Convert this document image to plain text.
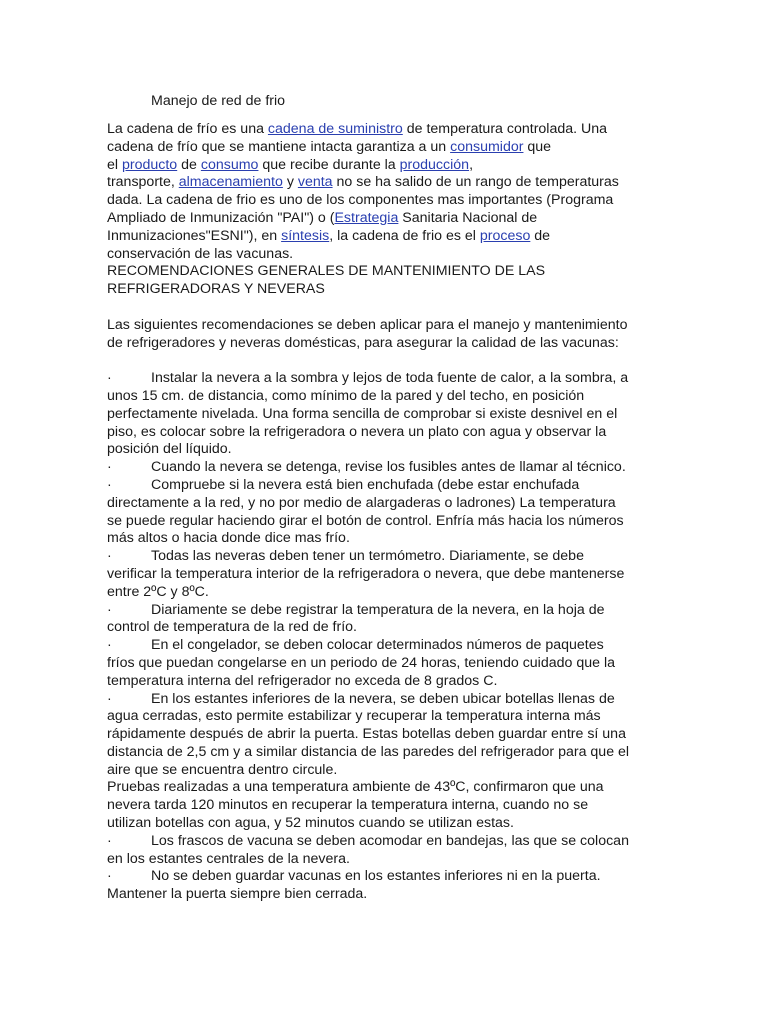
Manejo de red de frio
La cadena de frío es una cadena de suministro de temperatura controlada. Una
cadena de frío que se mantiene intacta garantiza a un consumidor que
el producto de consumo que recibe durante la producción,
transporte, almacenamiento y venta no se ha salido de un rango de temperaturas
dada. La cadena de frio es uno de los componentes mas importantes (Programa
Ampliado de Inmunización "PAI") o (Estrategia Sanitaria Nacional de
Inmunizaciones"ESNI"), en síntesis, la cadena de frio es el proceso de
conservación de las vacunas.
RECOMENDACIONES GENERALES DE MANTENIMIENTO DE LAS
REFRIGERADORAS Y NEVERAS
Las siguientes recomendaciones se deben aplicar para el manejo y mantenimiento
de refrigeradores y neveras domésticas, para asegurar la calidad de las vacunas:
·	Instalar la nevera a la sombra y lejos de toda fuente de calor, a la sombra, a
unos 15 cm. de distancia, como mínimo de la pared y del techo, en posición
perfectamente nivelada. Una forma sencilla de comprobar si existe desnivel en el
piso, es colocar sobre la refrigeradora o nevera un plato con agua y observar la
posición del líquido.
·	Cuando la nevera se detenga, revise los fusibles antes de llamar al técnico.
·	Compruebe si la nevera está bien enchufada (debe estar enchufada
directamente a la red, y no por medio de alargaderas o ladrones) La temperatura
se puede regular haciendo girar el botón de control. Enfría más hacia los números
más altos o hacia donde dice mas frío.
·	Todas las neveras deben tener un termómetro. Diariamente, se debe
verificar la temperatura interior de la refrigeradora o nevera, que debe mantenerse
entre 2ºC y 8ºC.
·	Diariamente se debe registrar la temperatura de la nevera, en la hoja de
control de temperatura de la red de frío.
·	En el congelador, se deben colocar determinados números de paquetes
fríos que puedan congelarse en un periodo de 24 horas, teniendo cuidado que la
temperatura interna del refrigerador no exceda de 8 grados C.
·	En los estantes inferiores de la nevera, se deben ubicar botellas llenas de
agua cerradas, esto permite estabilizar y recuperar la temperatura interna más
rápidamente después de abrir la puerta. Estas botellas deben guardar entre sí una
distancia de 2,5 cm y a similar distancia de las paredes del refrigerador para que el
aire que se encuentra dentro circule.
Pruebas realizadas a una temperatura ambiente de 43ºC, confirmaron que una
nevera tarda 120 minutos en recuperar la temperatura interna, cuando no se
utilizan botellas con agua, y 52 minutos cuando se utilizan estas.
·	Los frascos de vacuna se deben acomodar en bandejas, las que se colocan
en los estantes centrales de la nevera.
·	No se deben guardar vacunas en los estantes inferiores ni en la puerta.
Mantener la puerta siempre bien cerrada.
